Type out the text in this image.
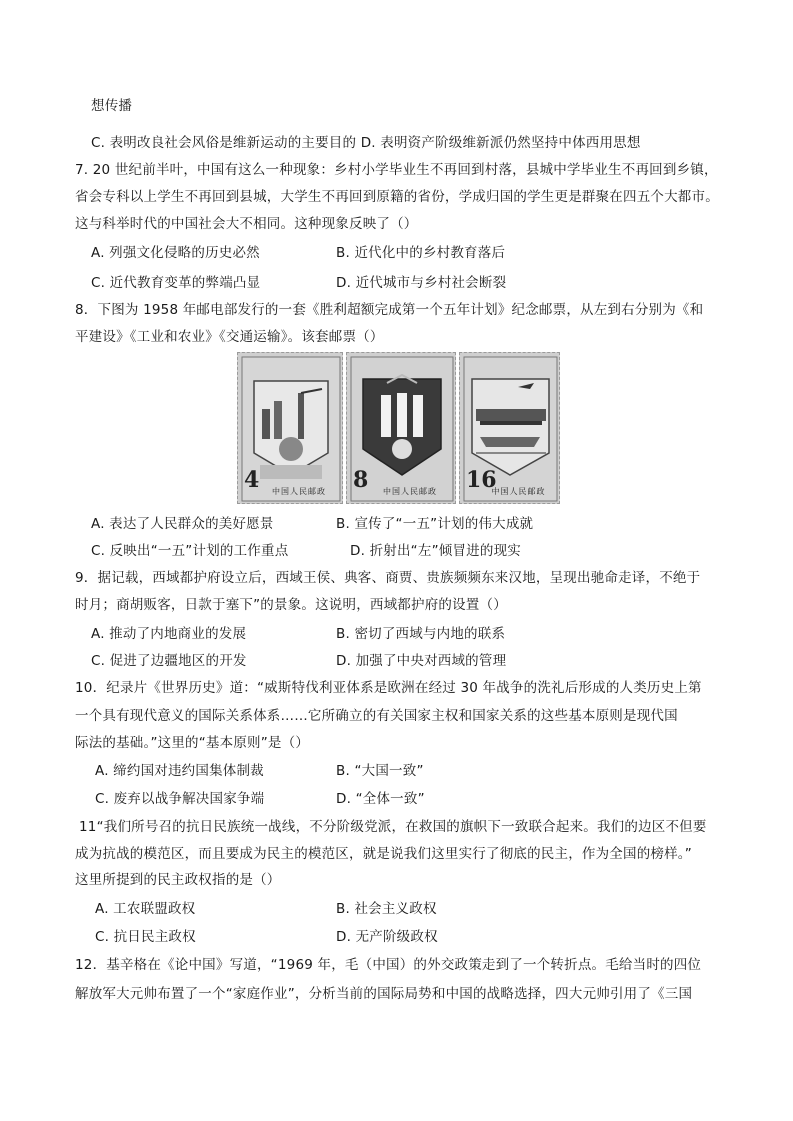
想传播
C. 表明改良社会风俗是维新运动的主要目的 D. 表明资产阶级维新派仍然坚持中体西用思想
7. 20 世纪前半叶，中国有这么一种现象：乡村小学毕业生不再回到村落，县城中学毕业生不再回到乡镇，
省会专科以上学生不再回到县城，大学生不再回到原籍的省份，学成归国的学生更是群聚在四五个大都市。
这与科举时代的中国社会大不相同。这种现象反映了（）
A. 列强文化侵略的历史必然	B. 近代化中的乡村教育落后
C. 近代教育变革的弊端凸显	D. 近代城市与乡村社会断裂
8．下图为 1958 年邮电部发行的一套《胜利超额完成第一个五年计划》纪念邮票，从左到右分别为《和
平建设》《工业和农业》《交通运输》。该套邮票（）
4	中国人民邮政	8	中国人民邮政	16
中国人民邮政
A. 表达了人民群众的美好愿景	B. 宣传了“一五”计划的伟大成就
C. 反映出“一五”计划的工作重点	D. 折射出“左”倾冒进的现实
9．据记载，西域都护府设立后，西域王侯、典客、商贾、贵族频频东来汉地，呈现出驰命走译，不绝于
时月；商胡贩客，日款于塞下”的景象。这说明，西域都护府的设置（）
A. 推动了内地商业的发展	B. 密切了西域与内地的联系
C. 促进了边疆地区的开发	D. 加强了中央对西域的管理
10．纪录片《世界历史》道：“威斯特伐利亚体系是欧洲在经过 30 年战争的洗礼后形成的人类历史上第
一个具有现代意义的国际关系体系……它所确立的有关国家主权和国家关系的这些基本原则是现代国
际法的基础。”这里的“基本原则”是（）
A. 缔约国对违约国集体制裁	B. “大国一致”
C. 废弃以战争解决国家争端	D. “全体一致”
11“我们所号召的抗日民族统一战线，不分阶级党派，在救国的旗帜下一致联合起来。我们的边区不但要
成为抗战的模范区，而且要成为民主的模范区，就是说我们这里实行了彻底的民主，作为全国的榜样。”
这里所提到的民主政权指的是（）
A. 工农联盟政权	B. 社会主义政权
C. 抗日民主政权	D. 无产阶级政权
12．基辛格在《论中国》写道，“1969 年，毛（中国）的外交政策走到了一个转折点。毛给当时的四位
解放军大元帅布置了一个“家庭作业”，分析当前的国际局势和中国的战略选择，四大元帅引用了《三国
